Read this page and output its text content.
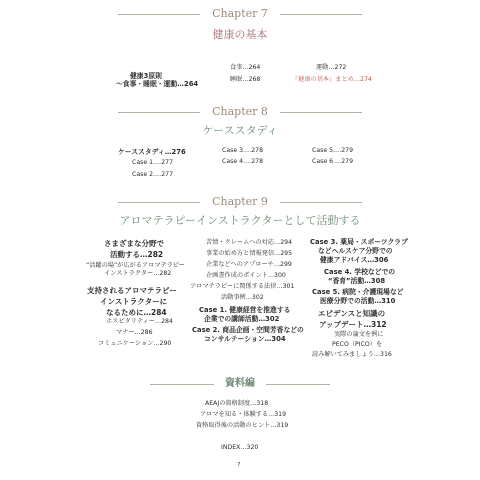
Chapter 7
健康の基本
健康3原則
～食事・睡眠・運動…264
食事…264
睡眠…268
運動…272
『健康の基本』まとめ…274
Chapter 8
ケーススタディ
ケーススタディ…276
Case 1.…277
Case 2.…277
Case 3.…278
Case 4.…278
Case 5.…279
Case 6.…279
Chapter 9
アロマテラピーインストラクターとして活動する
さまざまな分野で
活動する…282
“活躍の場”が広がるアロマテラピー
インストラクター…282
支持されるアロマテラピー
インストラクターに
なるために…284
ホスピタリティー…284
マナー…286
コミュニケーション…290
苦情・クレームへの対応…294
事業の始め方と情報発信…295
企業などへのアプローチ…299
企画書作成のポイント…300
アロマテラピーに関係する法律…301
活動事例…302
Case 1. 健康経営を推進する
企業での講師活動…302
Case 2. 商品企画・空間芳香などの
コンサルテーション…304
Case 3. 薬局・スポーツクラブ
などヘルスケア分野での
健康アドバイス…306
Case 4. 学校などでの
“香育”活動…308
Case 5. 病院・介護現場など
医療分野での活動…310
エビデンスと知識の
アップデート…312
実際の論文を例に
PECO（PICO）を
読み解いてみましょう…316
資料編
AEAJの資格制度…318
アロマを知る・体験する…319
資格取得後の活動のヒント…319
INDEX…320
7
